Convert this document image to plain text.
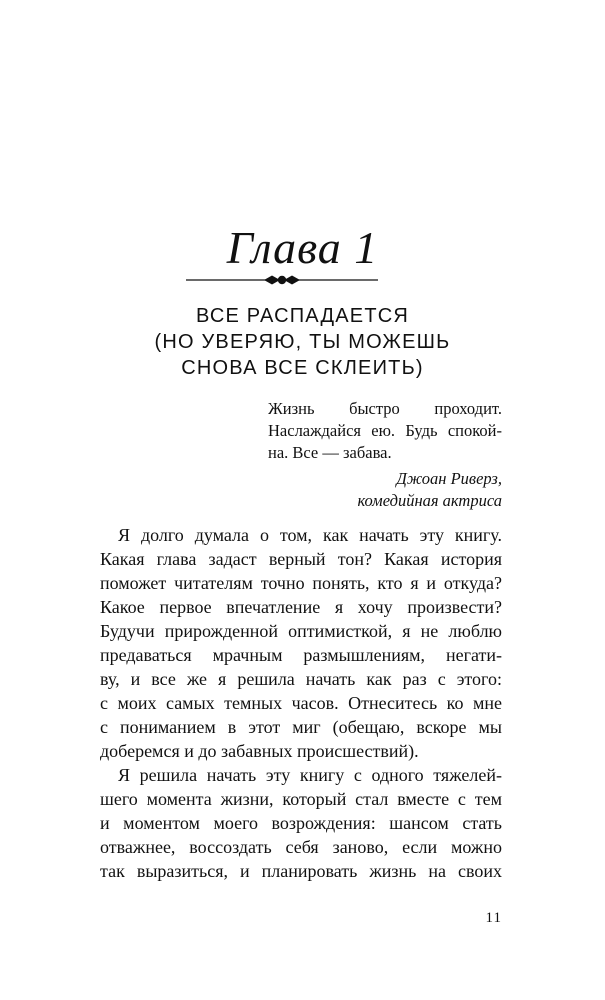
Глава 1
ВСЕ РАСПАДАЕТСЯ
(НО УВЕРЯЮ, ТЫ МОЖЕШЬ
СНОВА ВСЕ СКЛЕИТЬ)
Жизнь быстро проходит.
Наслаждайся ею. Будь спокой-
на. Все — забава.
Джоан Риверз,
комедийная актриса
Я долго думала о том, как начать эту книгу.
Какая глава задаст верный тон? Какая история
поможет читателям точно понять, кто я и откуда?
Какое первое впечатление я хочу произвести?
Будучи прирожденной оптимисткой, я не люблю
предаваться мрачным размышлениям, негати-
ву, и все же я решила начать как раз с этого:
с моих самых темных часов. Отнеситесь ко мне
с пониманием в этот миг (обещаю, вскоре мы
доберемся и до забавных происшествий).
Я решила начать эту книгу с одного тяжелей-
шего момента жизни, который стал вместе с тем
и моментом моего возрождения: шансом стать
отважнее, воссоздать себя заново, если можно
так выразиться, и планировать жизнь на своих
11
